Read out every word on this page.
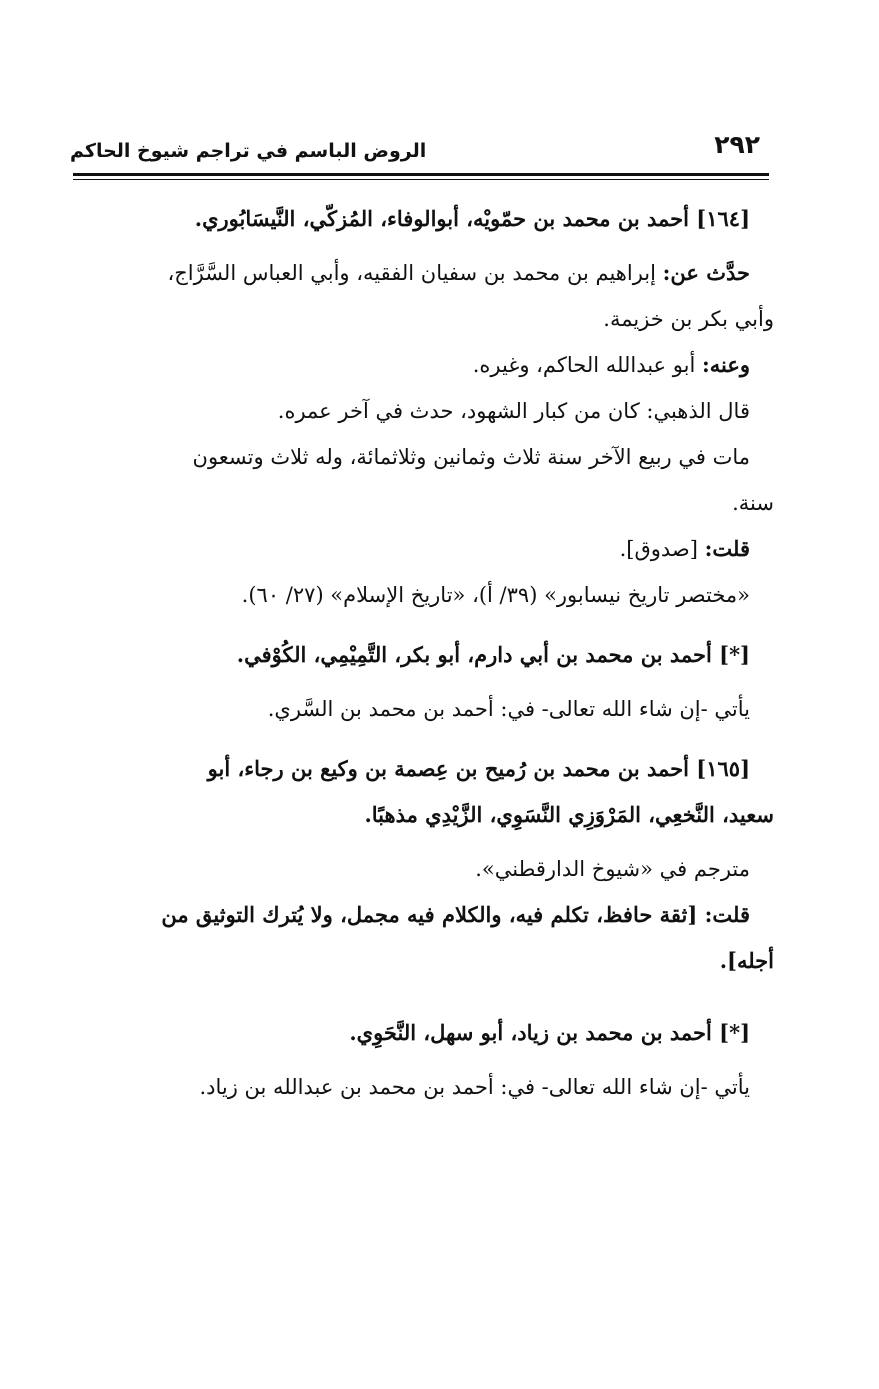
٢٩٢
الروض الباسم في تراجم شيوخ الحاكم
[١٦٤] أحمد بن محمد بن حمّويْه، أبوالوفاء، المُزكّي، النَّيسَابُوري.
حدَّث عن: إبراهيم بن محمد بن سفيان الفقيه، وأبي العباس السَّرَّاج،
وأبي بكر بن خزيمة.
وعنه: أبو عبدالله الحاكم، وغيره.
قال الذهبي: كان من كبار الشهود، حدث في آخر عمره.
مات في ربيع الآخر سنة ثلاث وثمانين وثلاثمائة، وله ثلاث وتسعون
سنة.
قلت: [صدوق].
«مختصر تاريخ نيسابور» (٣٩/ أ)، «تاريخ الإسلام» (٢٧/ ٦٠).
[*] أحمد بن محمد بن أبي دارم، أبو بكر، التَّمِيْمِي، الكُوْفي.
يأتي -إن شاء الله تعالى- في: أحمد بن محمد بن السَّري.
[١٦٥] أحمد بن محمد بن رُميح بن عِصمة بن وكيع بن رجاء، أبو
سعيد، النَّخعِي، المَرْوَزِي النَّسَوِي، الزَّيْدِي مذهبًا.
مترجم في «شيوخ الدارقطني».
قلت: [ثقة حافظ، تكلم فيه، والكلام فيه مجمل، ولا يُترك التوثيق من
أجله].
[*] أحمد بن محمد بن زياد، أبو سهل، النَّحَوِي.
يأتي -إن شاء الله تعالى- في: أحمد بن محمد بن عبدالله بن زياد.
